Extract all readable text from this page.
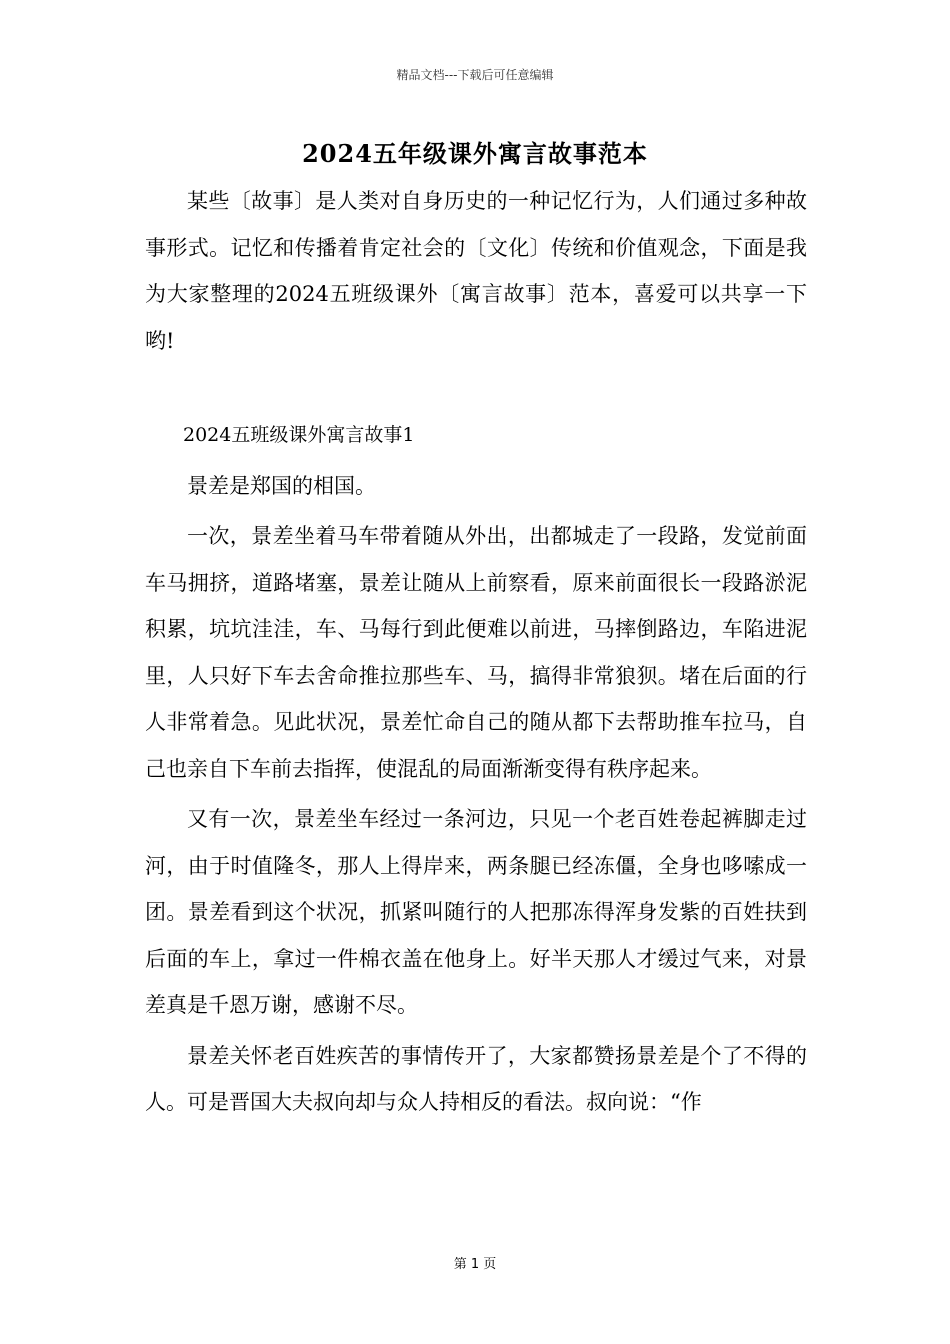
精品文档---下载后可任意编辑
2024五年级课外寓言故事范本

某些〔故事〕是人类对自身历史的一种记忆行为，人们通过多种故事形式。记忆和传播着肯定社会的〔文化〕传统和价值观念，下面是我为大家整理的2024五班级课外〔寓言故事〕范本，喜爱可以共享一下哟!

2024五班级课外寓言故事1

景差是郑国的相国。

一次，景差坐着马车带着随从外出，出都城走了一段路，发觉前面车马拥挤，道路堵塞，景差让随从上前察看，原来前面很长一段路淤泥积累，坑坑洼洼，车、马每行到此便难以前进，马摔倒路边，车陷进泥里，人只好下车去舍命推拉那些车、马，搞得非常狼狈。堵在后面的行人非常着急。见此状况，景差忙命自己的随从都下去帮助推车拉马，自己也亲自下车前去指挥，使混乱的局面渐渐变得有秩序起来。

又有一次，景差坐车经过一条河边，只见一个老百姓卷起裤脚走过河，由于时值隆冬，那人上得岸来，两条腿已经冻僵，全身也哆嗦成一团。景差看到这个状况，抓紧叫随行的人把那冻得浑身发紫的百姓扶到后面的车上，拿过一件棉衣盖在他身上。好半天那人才缓过气来，对景差真是千恩万谢，感谢不尽。

景差关怀老百姓疾苦的事情传开了，大家都赞扬景差是个了不得的人。可是晋国大夫叔向却与众人持相反的看法。叔向说：“作

第 1 页
